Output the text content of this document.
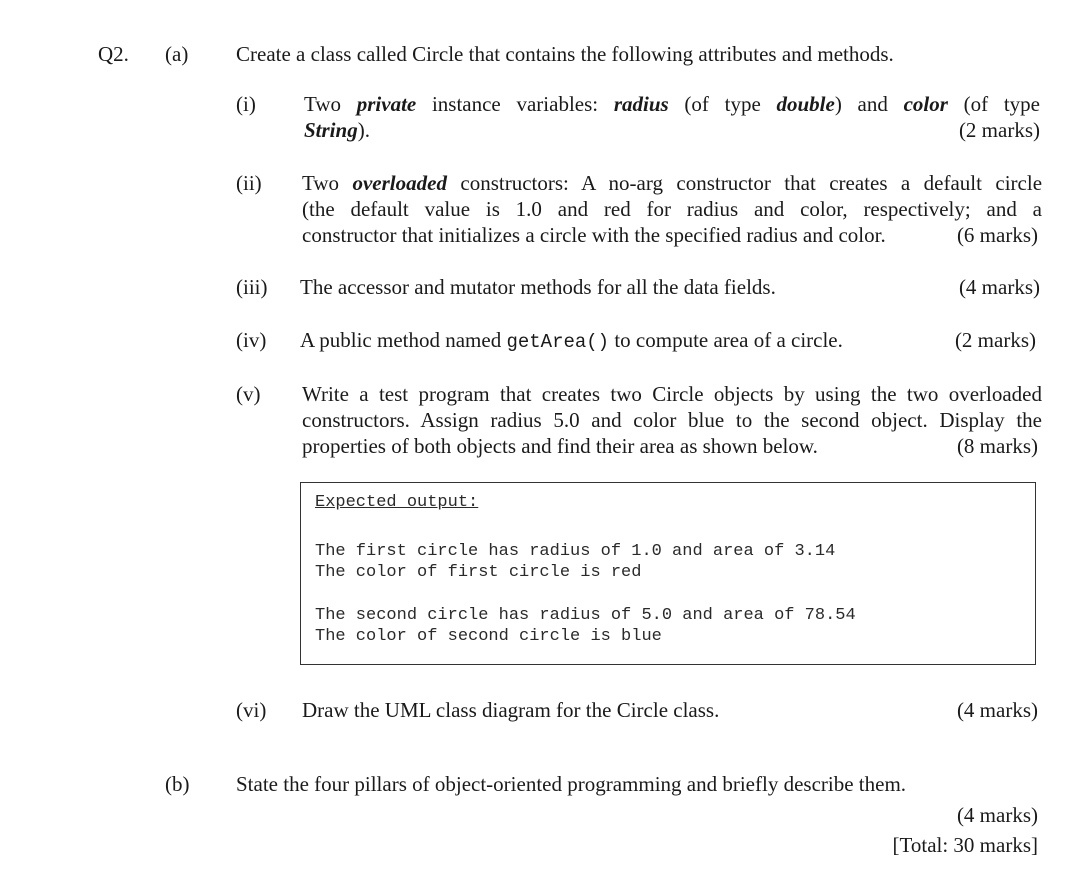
Q2. (a) Create a class called Circle that contains the following attributes and methods.
(i) Two private instance variables: radius (of type double) and color (of type
String).	(2 marks)
(ii) Two overloaded constructors: A no-arg constructor that creates a default circle
(the default value is 1.0 and red for radius and color, respectively; and a
constructor that initializes a circle with the specified radius and color.	(6 marks)
(iii) The accessor and mutator methods for all the data fields.	(4 marks)
(iv) A public method named getArea() to compute area of a circle.	(2 marks)
(v) Write a test program that creates two Circle objects by using the two overloaded
constructors. Assign radius 5.0 and color blue to the second object. Display the
properties of both objects and find their area as shown below.	(8 marks)
Expected output:
The first circle has radius of 1.0 and area of 3.14
The color of first circle is red
The second circle has radius of 5.0 and area of 78.54
The color of second circle is blue
(vi) Draw the UML class diagram for the Circle class.	(4 marks)
(b) State the four pillars of object-oriented programming and briefly describe them.
(4 marks)
[Total: 30 marks]
